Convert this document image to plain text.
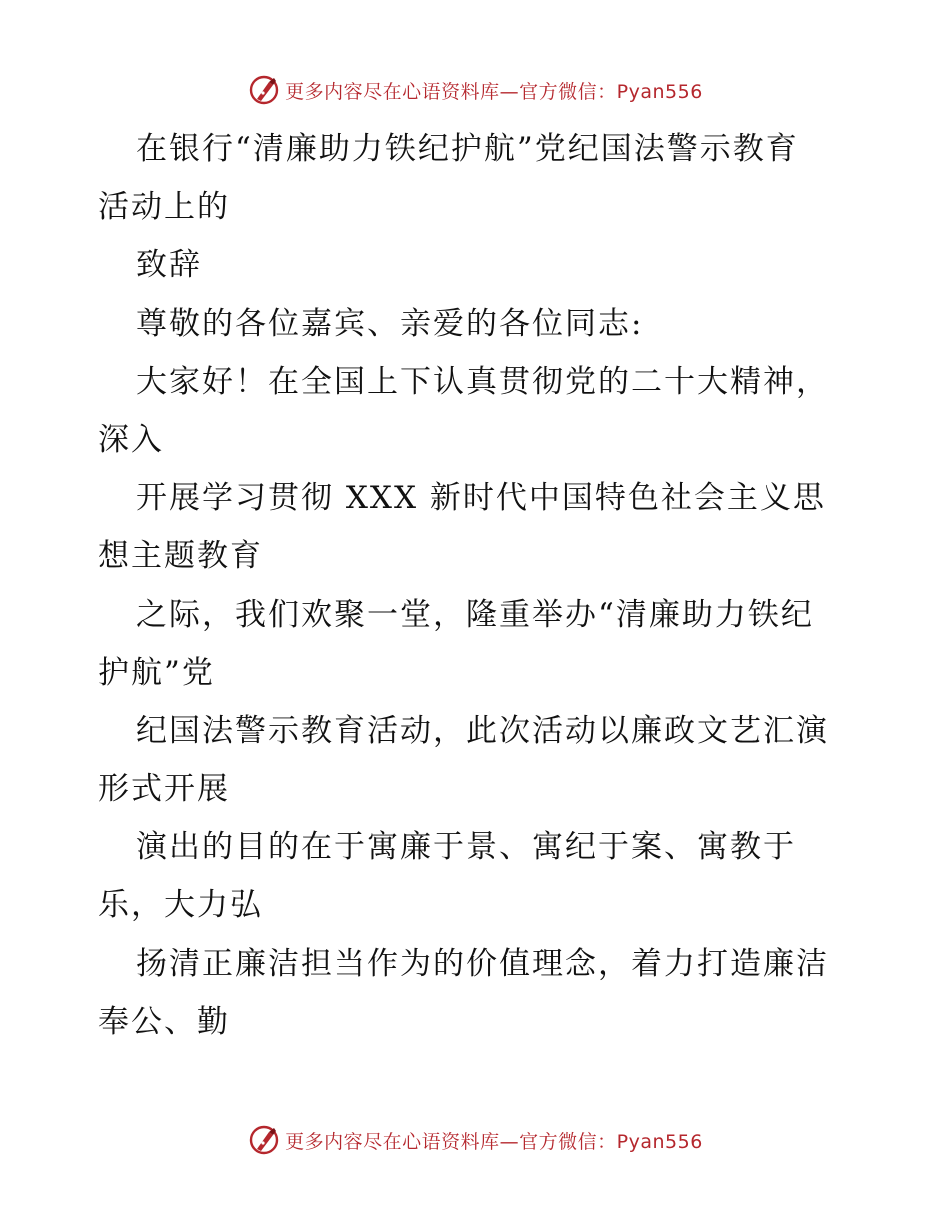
更多内容尽在心语资料库—官方微信：Pyan556
在银行“清廉助力铁纪护航”党纪国法警示教育
活动上的
致辞
尊敬的各位嘉宾、亲爱的各位同志:
大家好！在全国上下认真贯彻党的二十大精神，
深入
开展学习贯彻 XXX 新时代中国特色社会主义思
想主题教育
之际，我们欢聚一堂，隆重举办“清廉助力铁纪
护航”党
纪国法警示教育活动，此次活动以廉政文艺汇演
形式开展
演出的目的在于寓廉于景、寓纪于案、寓教于
乐，大力弘
扬清正廉洁担当作为的价值理念，着力打造廉洁
奉公、勤
更多内容尽在心语资料库—官方微信：Pyan556
